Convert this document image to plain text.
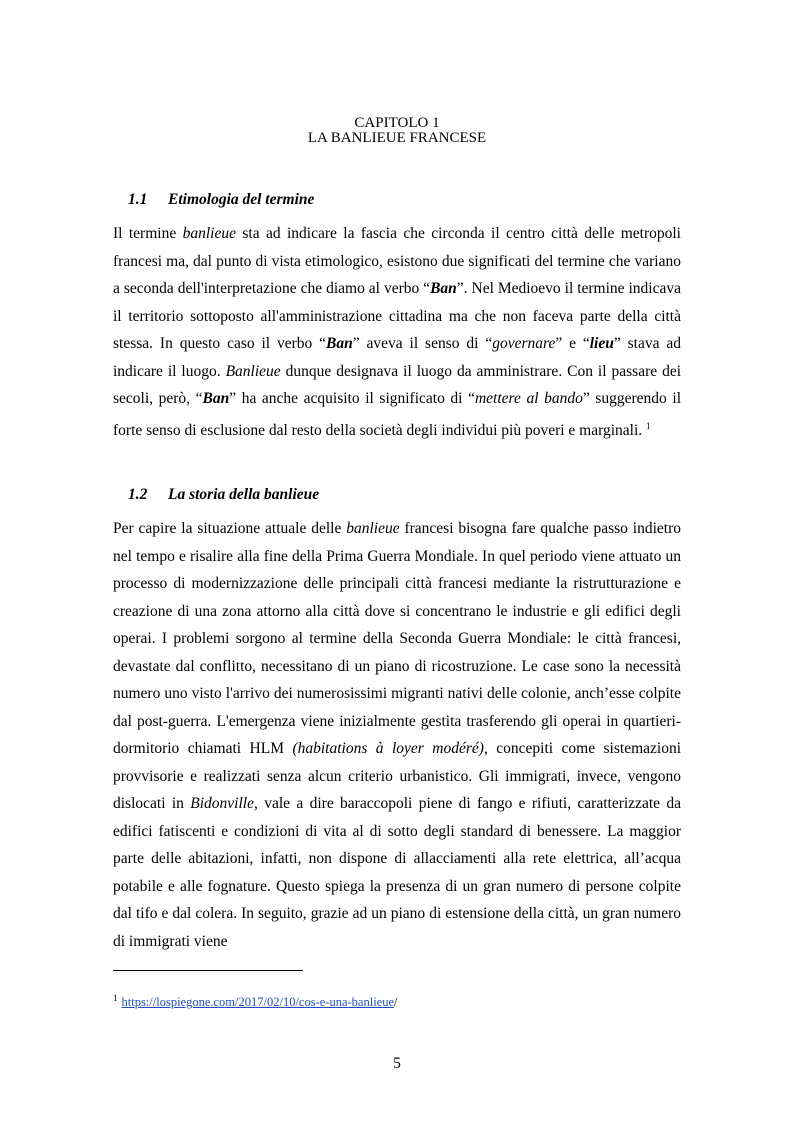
CAPITOLO 1
LA BANLIEUE FRANCESE
1.1 Etimologia del termine

Il termine banlieue sta ad indicare la fascia che circonda il centro città delle metropoli francesi ma, dal punto di vista etimologico, esistono due significati del termine che variano a seconda dell'interpretazione che diamo al verbo “Ban”. Nel Medioevo il termine indicava il territorio sottoposto all'amministrazione cittadina ma che non faceva parte della città stessa. In questo caso il verbo “Ban” aveva il senso di “governare” e “lieu” stava ad indicare il luogo. Banlieue dunque designava il luogo da amministrare. Con il passare dei secoli, però, “Ban” ha anche acquisito il significato di “mettere al bando” suggerendo il forte senso di esclusione dal resto della società degli individui più poveri e marginali. $^1$

1.2 La storia della banlieue

Per capire la situazione attuale delle banlieue francesi bisogna fare qualche passo indietro nel tempo e risalire alla fine della Prima Guerra Mondiale. In quel periodo viene attuato un processo di modernizzazione delle principali città francesi mediante la ristrutturazione e creazione di una zona attorno alla città dove si concentrano le industrie e gli edifici degli operai. I problemi sorgono al termine della Seconda Guerra Mondiale: le città francesi, devastate dal conflitto, necessitano di un piano di ricostruzione. Le case sono la necessità numero uno visto l'arrivo dei numerosissimi migranti nativi delle colonie, anch’esse colpite dal post-guerra. L'emergenza viene inizialmente gestita trasferendo gli operai in quartieri-dormitorio chiamati HLM (habitations à loyer modéré), concepiti come sistemazioni provvisorie e realizzati senza alcun criterio urbanistico. Gli immigrati, invece, vengono dislocati in Bidonville, vale a dire baraccopoli piene di fango e rifiuti, caratterizzate da edifici fatiscenti e condizioni di vita al di sotto degli standard di benessere. La maggior parte delle abitazioni, infatti, non dispone di allacciamenti alla rete elettrica, all’acqua potabile e alle fognature. Questo spiega la presenza di un gran numero di persone colpite dal tifo e dal colera. In seguito, grazie ad un piano di estensione della città, un gran numero di immigrati viene

$^1$ https://lospiegone.com/2017/02/10/cos-e-una-banlieue/
5
